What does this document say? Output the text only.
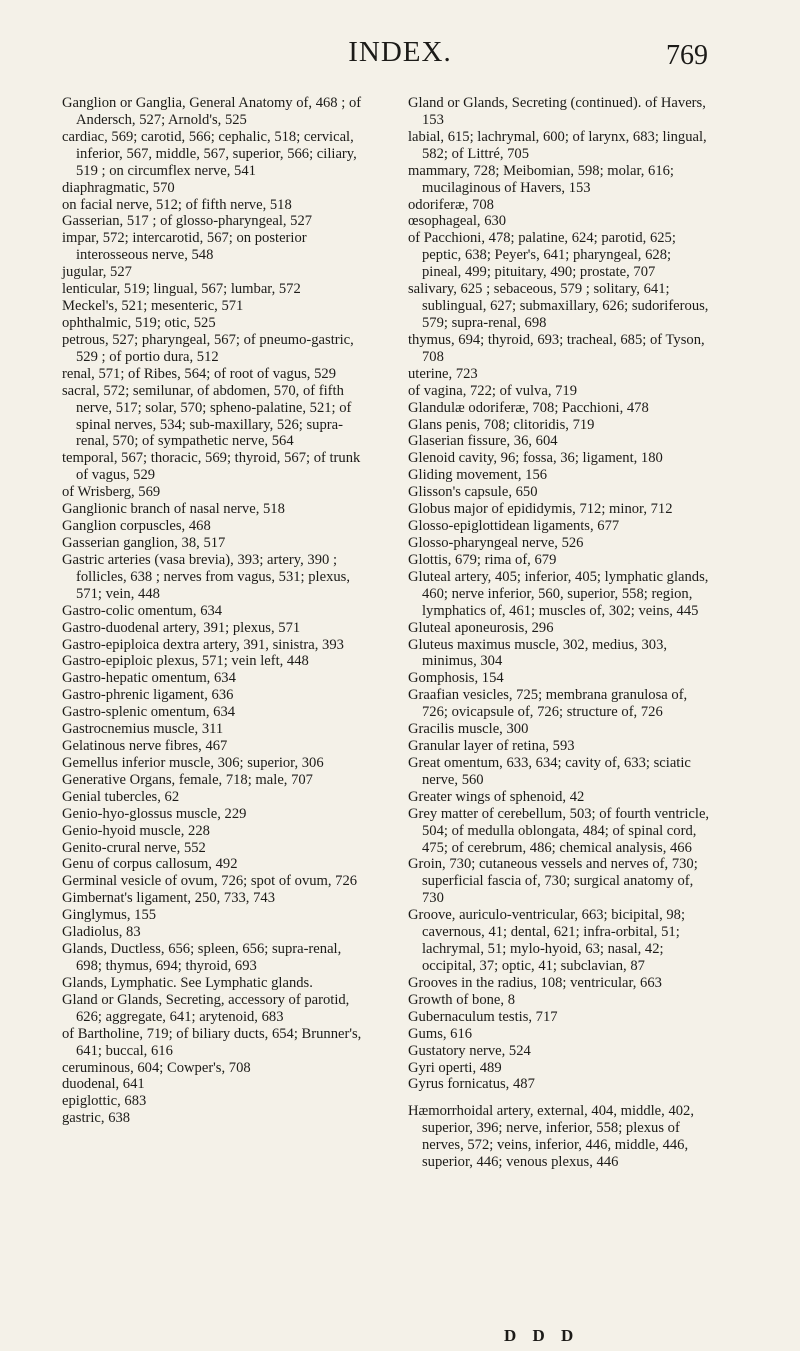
INDEX.	769

Ganglion or Ganglia, General Anatomy of, 468 ; of Andersch, 527; Arnold's, 525

cardiac, 569; carotid, 566; cephalic, 518; cervical, inferior, 567, middle, 567, superior, 566; ciliary, 519 ; on circumflex nerve, 541

diaphragmatic, 570

on facial nerve, 512; of fifth nerve, 518

Gasserian, 517 ; of glosso-pharyngeal, 527

impar, 572; intercarotid, 567; on posterior interosseous nerve, 548

jugular, 527

lenticular, 519; lingual, 567; lumbar, 572

Meckel's, 521; mesenteric, 571

ophthalmic, 519; otic, 525

petrous, 527; pharyngeal, 567; of pneumo-gastric, 529 ; of portio dura, 512

renal, 571; of Ribes, 564; of root of vagus, 529

sacral, 572; semilunar, of abdomen, 570, of fifth nerve, 517; solar, 570; spheno-palatine, 521; of spinal nerves, 534; sub-maxillary, 526; supra-renal, 570; of sympathetic nerve, 564

temporal, 567; thoracic, 569; thyroid, 567; of trunk of vagus, 529

of Wrisberg, 569

Ganglionic branch of nasal nerve, 518

Ganglion corpuscles, 468

Gasserian ganglion, 38, 517

Gastric arteries (vasa brevia), 393; artery, 390 ; follicles, 638 ; nerves from vagus, 531; plexus, 571; vein, 448

Gastro-colic omentum, 634

Gastro-duodenal artery, 391; plexus, 571

Gastro-epiploica dextra artery, 391, sinistra, 393

Gastro-epiploic plexus, 571; vein left, 448

Gastro-hepatic omentum, 634

Gastro-phrenic ligament, 636

Gastro-splenic omentum, 634

Gastrocnemius muscle, 311

Gelatinous nerve fibres, 467

Gemellus inferior muscle, 306; superior, 306

Generative Organs, female, 718; male, 707

Genial tubercles, 62

Genio-hyo-glossus muscle, 229

Genio-hyoid muscle, 228

Genito-crural nerve, 552

Genu of corpus callosum, 492

Germinal vesicle of ovum, 726; spot of ovum, 726

Gimbernat's ligament, 250, 733, 743

Ginglymus, 155

Gladiolus, 83

Glands, Ductless, 656; spleen, 656; supra-renal, 698; thymus, 694; thyroid, 693

Glands, Lymphatic. See Lymphatic glands.

Gland or Glands, Secreting, accessory of parotid, 626; aggregate, 641; arytenoid, 683

of Bartholine, 719; of biliary ducts, 654; Brunner's, 641; buccal, 616

ceruminous, 604; Cowper's, 708

duodenal, 641

epiglottic, 683

gastric, 638

Gland or Glands, Secreting (continued). of Havers, 153

labial, 615; lachrymal, 600; of larynx, 683; lingual, 582; of Littré, 705

mammary, 728; Meibomian, 598; molar, 616; mucilaginous of Havers, 153

odoriferæ, 708

œsophageal, 630

of Pacchioni, 478; palatine, 624; parotid, 625; peptic, 638; Peyer's, 641; pharyngeal, 628; pineal, 499; pituitary, 490; prostate, 707

salivary, 625 ; sebaceous, 579 ; solitary, 641; sublingual, 627; submaxillary, 626; sudoriferous, 579; supra-renal, 698

thymus, 694; thyroid, 693; tracheal, 685; of Tyson, 708

uterine, 723

of vagina, 722; of vulva, 719

Glandulæ odoriferæ, 708; Pacchioni, 478

Glans penis, 708; clitoridis, 719

Glaserian fissure, 36, 604

Glenoid cavity, 96; fossa, 36; ligament, 180

Gliding movement, 156

Glisson's capsule, 650

Globus major of epididymis, 712; minor, 712

Glosso-epiglottidean ligaments, 677

Glosso-pharyngeal nerve, 526

Glottis, 679; rima of, 679

Gluteal artery, 405; inferior, 405; lymphatic glands, 460; nerve inferior, 560, superior, 558; region, lymphatics of, 461; muscles of, 302; veins, 445

Gluteal aponeurosis, 296

Gluteus maximus muscle, 302, medius, 303, minimus, 304

Gomphosis, 154

Graafian vesicles, 725; membrana granulosa of, 726; ovicapsule of, 726; structure of, 726

Gracilis muscle, 300

Granular layer of retina, 593

Great omentum, 633, 634; cavity of, 633; sciatic nerve, 560

Greater wings of sphenoid, 42

Grey matter of cerebellum, 503; of fourth ventricle, 504; of medulla oblongata, 484; of spinal cord, 475; of cerebrum, 486; chemical analysis, 466

Groin, 730; cutaneous vessels and nerves of, 730; superficial fascia of, 730; surgical anatomy of, 730

Groove, auriculo-ventricular, 663; bicipital, 98; cavernous, 41; dental, 621; infra-orbital, 51; lachrymal, 51; mylo-hyoid, 63; nasal, 42; occipital, 37; optic, 41; subclavian, 87

Grooves in the radius, 108; ventricular, 663

Growth of bone, 8

Gubernaculum testis, 717

Gums, 616

Gustatory nerve, 524

Gyri operti, 489

Gyrus fornicatus, 487

Hæmorrhoidal artery, external, 404, middle, 402, superior, 396; nerve, inferior, 558; plexus of nerves, 572; veins, inferior, 446, middle, 446, superior, 446; venous plexus, 446

D D D
